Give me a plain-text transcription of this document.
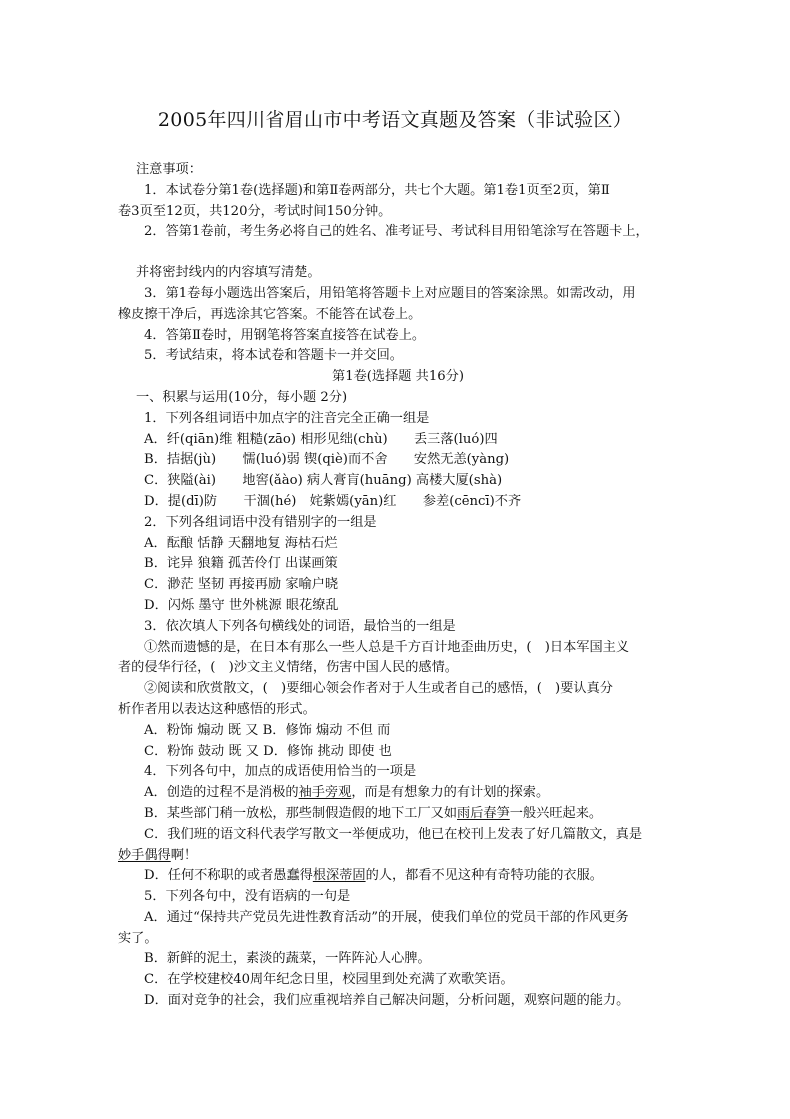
2005年四川省眉山市中考语文真题及答案（非试验区）
注意事项：
1．本试卷分第1卷(选择题)和第Ⅱ卷两部分，共七个大题。第1卷1页至2页，第Ⅱ
卷3页至12页，共120分，考试时间150分钟。
2．答第1卷前，考生务必将自己的姓名、准考证号、考试科目用铅笔涂写在答题卡上，
并将密封线内的内容填写清楚。
3．第1卷每小题选出答案后，用铅笔将答题卡上对应题目的答案涂黑。如需改动，用
橡皮擦干净后，再选涂其它答案。不能答在试卷上。
4．答第Ⅱ卷时，用钢笔将答案直接答在试卷上。
5．考试结束，将本试卷和答题卡一并交回。
第1卷(选择题 共16分)
一、积累与运用(10分，每小题 2分)
1．下列各组词语中加点字的注音完全正确一组是
A．纤(qiān)维 粗糙(zāo) 相形见绌(chù)　　丢三落(luó)四
B．拮据(jù)　　懦(luó)弱 锲(qiè)而不舍　　安然无恙(yàng)
C．狭隘(ài)　　地窖(ǎào) 病人膏肓(huāng) 高楼大厦(shà)
D．提(dī)防　　干涸(hé)　姹紫嫣(yān)红　　参差(cēncī)不齐
2．下列各组词语中没有错别字的一组是
A．酝酿 恬静 天翻地复 海枯石烂
B．诧异 狼籍 孤苦伶仃 出谋画策
C．渺茫 坚韧 再接再励 家喻户晓
D．闪烁 墨守 世外桃源 眼花缭乱
3．依次填人下列各句横线处的词语，最恰当的一组是
①然而遗憾的是，在日本有那么一些人总是千方百计地歪曲历史，(　)日本军国主义
者的侵华行径，(　)沙文主义情绪，伤害中国人民的感情。
②阅读和欣赏散文，(　)要细心领会作者对于人生或者自己的感悟，(　)要认真分
析作者用以表达这种感悟的形式。
A．粉饰 煽动 既 又 B．修饰 煽动 不但 而
C．粉饰 鼓动 既 又 D．修饰 挑动 即使 也
4．下列各句中，加点的成语使用恰当的一项是
A．创造的过程不是消极的袖手旁观，而是有想象力的有计划的探索。
B．某些部门稍一放松，那些制假造假的地下工厂又如雨后春笋一般兴旺起来。
C．我们班的语文科代表学写散文一举便成功，他已在校刊上发表了好几篇散文，真是
妙手偶得啊！
D．任何不称职的或者愚蠢得根深蒂固的人，都看不见这种有奇特功能的衣服。
5．下列各句中，没有语病的一句是
A．通过“保持共产党员先进性教育活动”的开展，使我们单位的党员干部的作风更务
实了。
B．新鲜的泥土，素淡的蔬菜，一阵阵沁人心脾。
C．在学校建校40周年纪念日里，校园里到处充满了欢歌笑语。
D．面对竞争的社会，我们应重视培养自己解决问题，分析问题，观察问题的能力。
